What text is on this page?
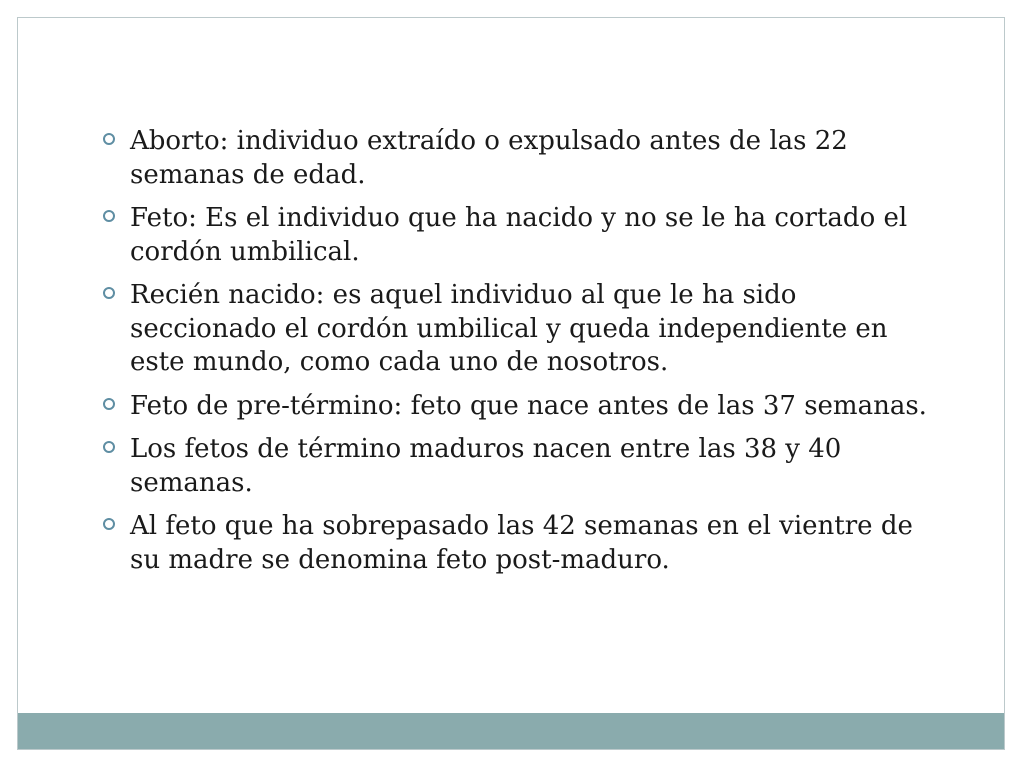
Aborto: individuo extraído o expulsado antes de las 22 semanas de edad.
Feto: Es el individuo que ha nacido y no se le ha cortado el cordón umbilical.
Recién nacido: es aquel individuo al que le ha sido seccionado el cordón umbilical y queda independiente en este mundo, como cada uno de nosotros.
Feto de pre-término: feto que nace antes de las 37 semanas.
Los fetos de término maduros nacen entre las 38 y 40 semanas.
Al feto que ha sobrepasado las 42 semanas en el vientre de su madre se denomina feto post-maduro.
